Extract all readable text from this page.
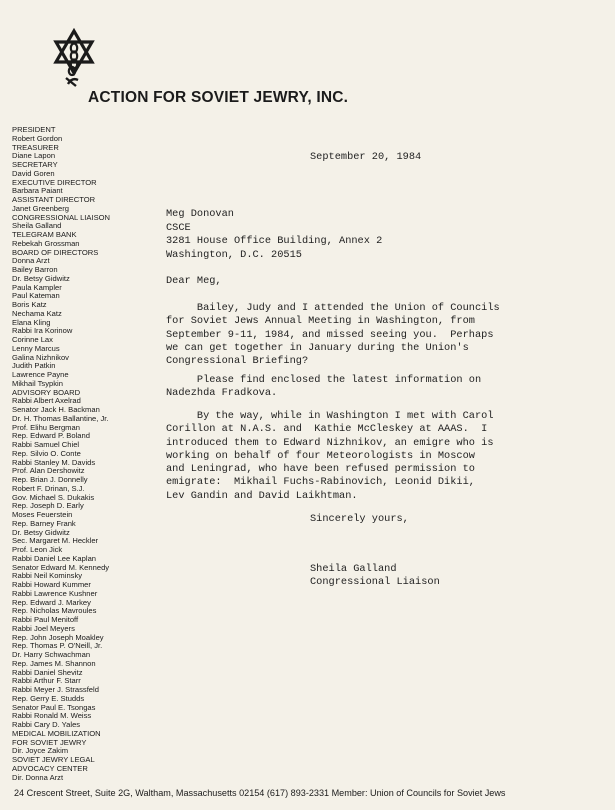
ACTION FOR SOVIET JEWRY, INC.
PRESIDENT
Robert Gordon
TREASURER
Diane Lapon
SECRETARY
David Goren
EXECUTIVE DIRECTOR
Barbara Paiant
ASSISTANT DIRECTOR
Janet Greenberg
CONGRESSIONAL LIAISON
Sheila Galland
TELEGRAM BANK
Rebekah Grossman
BOARD OF DIRECTORS
Donna Arzt
Bailey Barron
Dr. Betsy Gidwitz
Paula Kampler
Paul Kateman
Boris Katz
Nechama Katz
Elana Kling
Rabbi Ira Korinow
Corinne Lax
Lenny Marcus
Galina Nizhnikov
Judith Patkin
Lawrence Payne
Mikhail Tsypkin
ADVISORY BOARD
Rabbi Albert Axelrad
Senator Jack H. Backman
Dr. H. Thomas Ballantine, Jr.
Prof. Elihu Bergman
Rep. Edward P. Boland
Rabbi Samuel Chiel
Rep. Silvio O. Conte
Rabbi Stanley M. Davids
Prof. Alan Dershowitz
Rep. Brian J. Donnelly
Robert F. Drinan, S.J.
Gov. Michael S. Dukakis
Rep. Joseph D. Early
Moses Feuerstein
Rep. Barney Frank
Dr. Betsy Gidwitz
Sec. Margaret M. Heckler
Prof. Leon Jick
Rabbi Daniel Lee Kaplan
Senator Edward M. Kennedy
Rabbi Neil Kominsky
Rabbi Howard Kummer
Rabbi Lawrence Kushner
Rep. Edward J. Markey
Rep. Nicholas Mavroules
Rabbi Paul Menitoff
Rabbi Joel Meyers
Rep. John Joseph Moakley
Rep. Thomas P. O'Neill, Jr.
Dr. Harry Schwachman
Rep. James M. Shannon
Rabbi Daniel Shevitz
Rabbi Arthur F. Starr
Rabbi Meyer J. Strassfeld
Rep. Gerry E. Studds
Senator Paul E. Tsongas
Rabbi Ronald M. Weiss
Rabbi Cary D. Yales
MEDICAL MOBILIZATION
FOR SOVIET JEWRY
Dir. Joyce Zakim
SOVIET JEWRY LEGAL
ADVOCACY CENTER
Dir. Donna Arzt
September 20, 1984
Meg Donovan
CSCE
3281 House Office Building, Annex 2
Washington, D.C. 20515
Dear Meg,
Bailey, Judy and I attended the Union of Councils
for Soviet Jews Annual Meeting in Washington, from
September 9-11, 1984, and missed seeing you.  Perhaps
we can get together in January during the Union's
Congressional Briefing?
Please find enclosed the latest information on
Nadezhda Fradkova.
By the way, while in Washington I met with Carol
Corillon at N.A.S. and  Kathie McCleskey at AAAS.  I
introduced them to Edward Nizhnikov, an emigre who is
working on behalf of four Meteorologists in Moscow
and Leningrad, who have been refused permission to
emigrate:  Mikhail Fuchs-Rabinovich, Leonid Dikii,
Lev Gandin and David Laikhtman.
Sincerely yours,
Sheila Galland
Congressional Liaison
24 Crescent Street, Suite 2G, Waltham, Massachusetts 02154 (617) 893-2331 Member: Union of Councils for Soviet Jews
